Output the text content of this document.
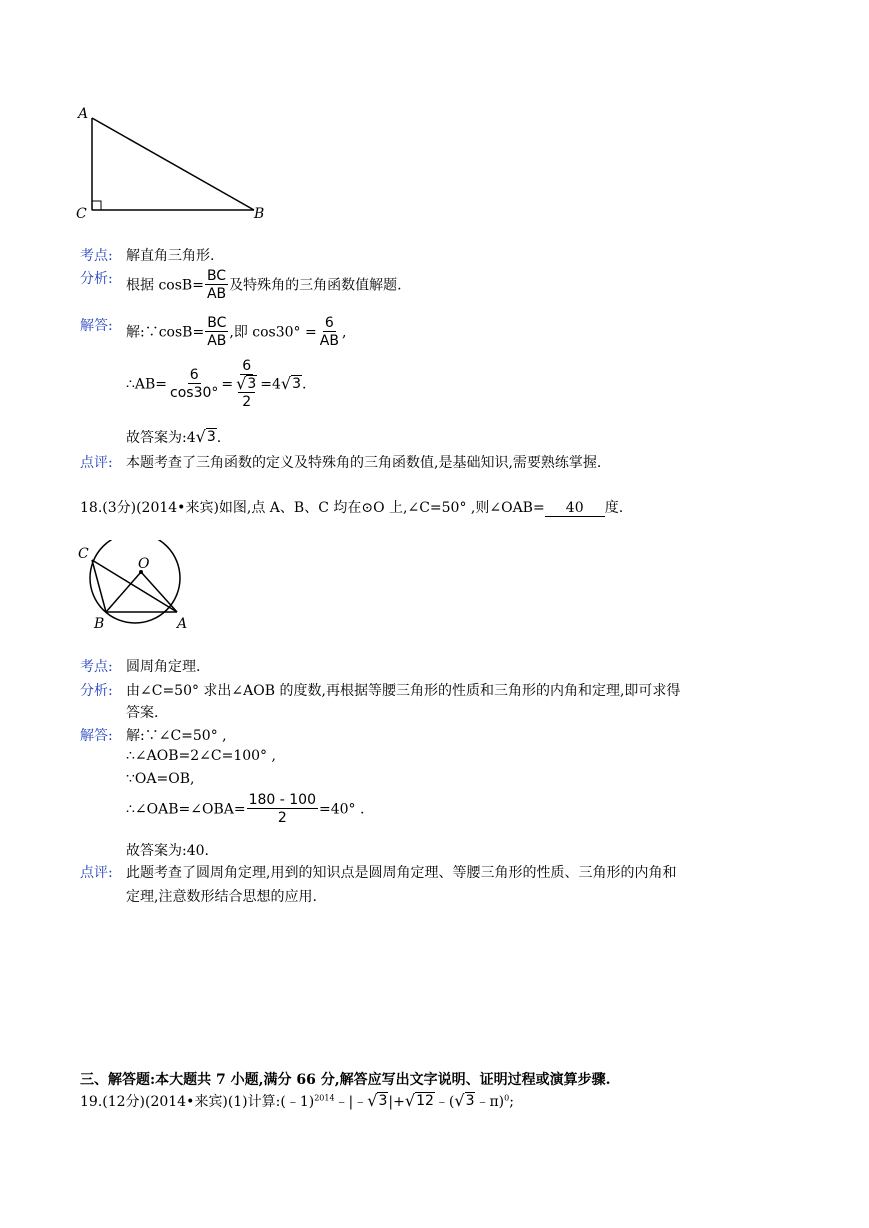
A
C	B
考点: 解直角三角形.
分析: 根据 $\cos B= \frac{BC}{AB}$ 及特殊角的三角函数值解题.
解答: 解:∵cosB= $\frac{BC}{AB}$ ,即 $\cos 30^\circ = \frac{6}{AB}$ ,
∴AB= $\frac{6}{\cos 30^\circ} = 6$
√ 3
2 =4 √ 3 .
故答案为:4 √ 3 .
点评: 本题考查了三角函数的定义及特殊角的三角函数值,是基础知识,需要熟练掌握.
18.(3分)(2014•来宾)如图,点 A、B、C 均在⊙O 上,∠C=50° ,则∠OAB= 40 度.
C
O
B	A
考点: 圆周角定理.
分析: 由∠C=50° 求出∠AOB 的度数,再根据等腰三角形的性质和三角形的内角和定理,即可求得
答案.
解答: 解:∵∠C=50° ,
∴∠AOB=2∠C=100° ,
∵OA=OB,
∴∠OAB=∠OBA= $\frac{180 - 100}{2} =40^\circ$ .
故答案为:40.
点评: 此题考查了圆周角定理,用到的知识点是圆周角定理、等腰三角形的性质、三角形的内角和
定理,注意数形结合思想的应用.
三、解答题:本大题共 7 小题,满分 66 分,解答应写出文字说明、证明过程或演算步骤.
19.(12分)(2014•来宾)(1)计算:(﹣1)$^{2014}$﹣|﹣ √ 3 |+ √ 12 ﹣( √ 3 ﹣π)$^0$;
